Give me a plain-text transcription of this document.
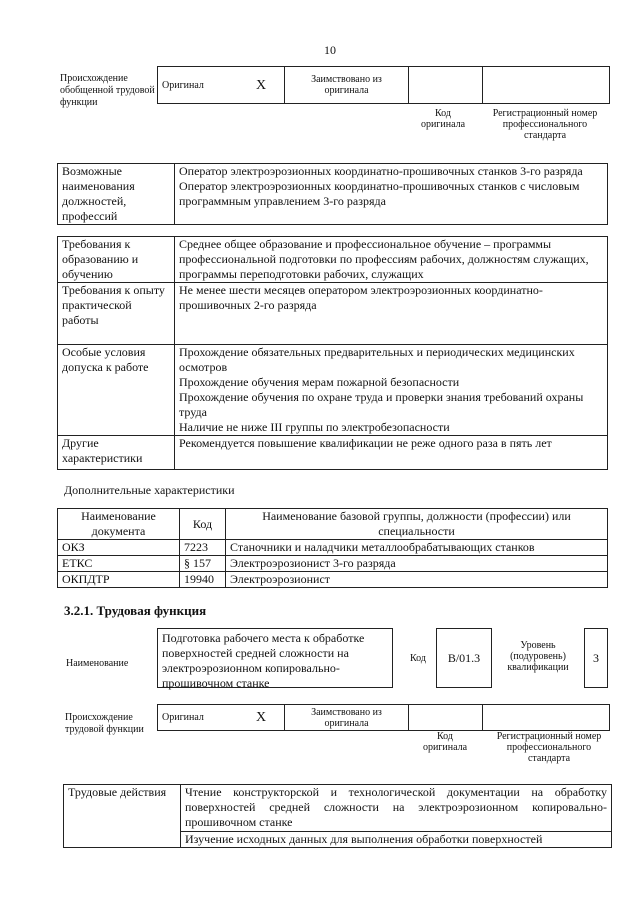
10
Происхождение обобщенной трудовой функции
Оригинал	X	Заимствовано из оригинала		
Код оригинала
Регистрационный номер профессионального стандарта
Возможные наименования должностей, профессий	Оператор электроэрозионных координатно-прошивочных станков 3-го разряда
Оператор электроэрозионных координатно-прошивочных станков с числовым программным управлением 3-го разряда
Требования к образованию и обучению	Среднее общее образование и профессиональное обучение – программы профессиональной подготовки по профессиям рабочих, должностям служащих, программы переподготовки рабочих, служащих
Требования к опыту практической работы	Не менее шести месяцев оператором электроэрозионных координатно-прошивочных 2-го разряда
Особые условия допуска к работе	Прохождение обязательных предварительных и периодических медицинских осмотров
Прохождение обучения мерам пожарной безопасности
Прохождение обучения по охране труда и проверки знания требований охраны труда
Наличие не ниже III группы по электробезопасности
Другие характеристики	Рекомендуется повышение квалификации не реже одного раза в пять лет
Дополнительные характеристики
Наименование документа	Код	Наименование базовой группы, должности (профессии) или специальности
ОКЗ	7223	Станочники и наладчики металлообрабатывающих станков
ЕТКС	§ 157	Электроэрозионист 3-го разряда
ОКПДТР	19940	Электроэрозионист
3.2.1. Трудовая функция
Наименование
Подготовка рабочего места к обработке поверхностей средней сложности на электроэрозионном копировально-прошивочном станке
Код	B/01.3
Уровень (подуровень) квалификации
3
Происхождение трудовой функции
Оригинал	X	Заимствовано из оригинала		
Код оригинала
Регистрационный номер профессионального стандарта
Трудовые действия	Чтение конструкторской и технологической документации на обработку поверхностей средней сложности на электроэрозионном копировально-прошивочном станке
Изучение исходных данных для выполнения обработки поверхностей
